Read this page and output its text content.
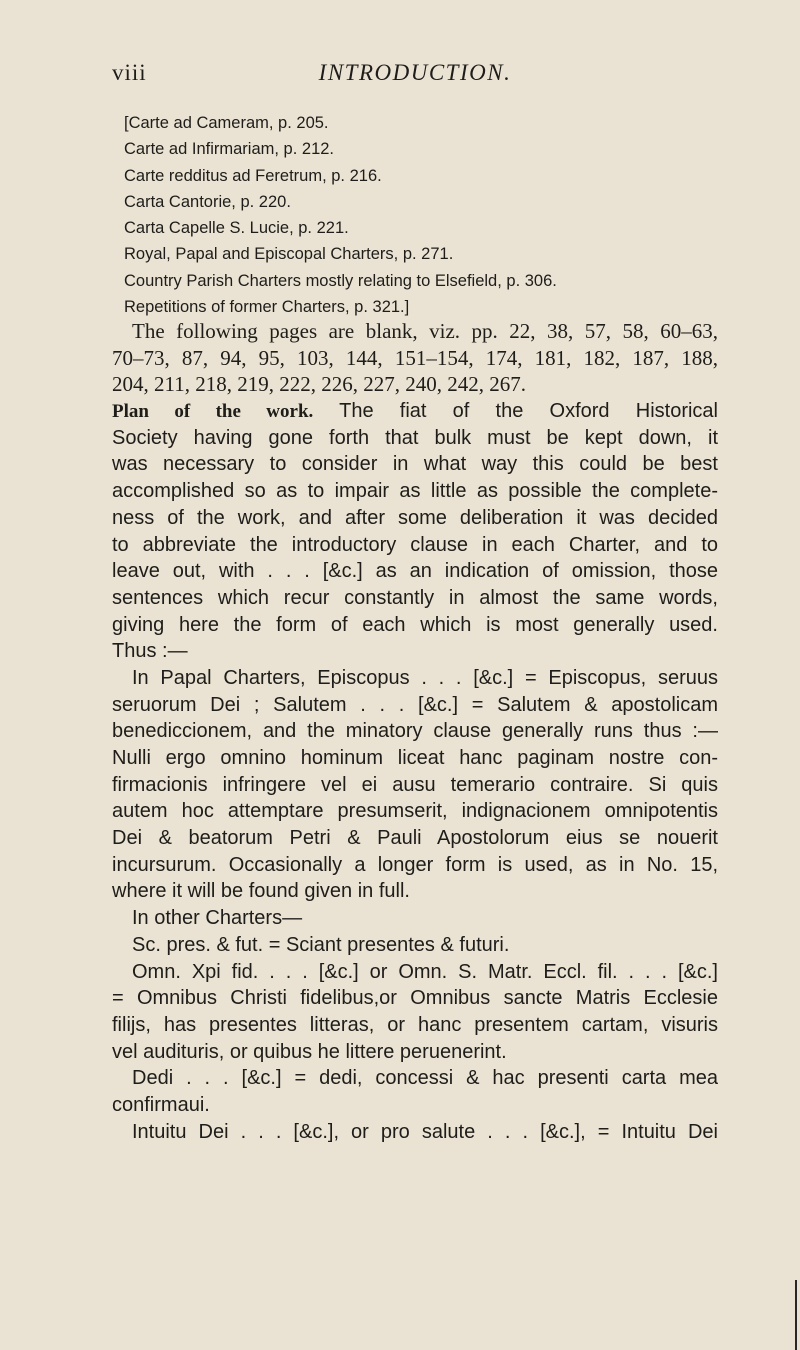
viii	INTRODUCTION.
[Carte ad Cameram, p. 205.
Carte ad Infirmariam, p. 212.
Carte redditus ad Feretrum, p. 216.
Carta Cantorie, p. 220.
Carta Capelle S. Lucie, p. 221.
Royal, Papal and Episcopal Charters, p. 271.
Country Parish Charters mostly relating to Elsefield, p. 306.
Repetitions of former Charters, p. 321.]
The following pages are blank, viz. pp. 22, 38, 57, 58, 60–63,
70–73, 87, 94, 95, 103, 144, 151–154, 174, 181, 182, 187, 188,
204, 211, 218, 219, 222, 226, 227, 240, 242, 267.
Plan of the work. The fiat of the Oxford Historical
Society having gone forth that bulk must be kept down, it
was necessary to consider in what way this could be best
accomplished so as to impair as little as possible the complete-
ness of the work, and after some deliberation it was decided
to abbreviate the introductory clause in each Charter, and to
leave out, with . . . [&c.] as an indication of omission, those
sentences which recur constantly in almost the same words,
giving here the form of each which is most generally used.
Thus :—
In Papal Charters, Episcopus . . . [&c.] = Episcopus, seruus
seruorum Dei ; Salutem . . . [&c.] = Salutem & apostolicam
benediccionem, and the minatory clause generally runs thus :—
Nulli ergo omnino hominum liceat hanc paginam nostre con-
firmacionis infringere vel ei ausu temerario contraire. Si quis
autem hoc attemptare presumserit, indignacionem omnipotentis
Dei & beatorum Petri & Pauli Apostolorum eius se nouerit
incursurum. Occasionally a longer form is used, as in No. 15,
where it will be found given in full.
In other Charters—
Sc. pres. & fut. = Sciant presentes & futuri.
Omn. Xpi fid. . . . [&c.] or Omn. S. Matr. Eccl. fil. . . . [&c.]
= Omnibus Christi fidelibus,or Omnibus sancte Matris Ecclesie
filijs, has presentes litteras, or hanc presentem cartam, visuris
vel audituris, or quibus he littere peruenerint.
Dedi . . . [&c.] = dedi, concessi & hac presenti carta mea
confirmaui.
Intuitu Dei . . . [&c.], or pro salute . . . [&c.], = Intuitu Dei
